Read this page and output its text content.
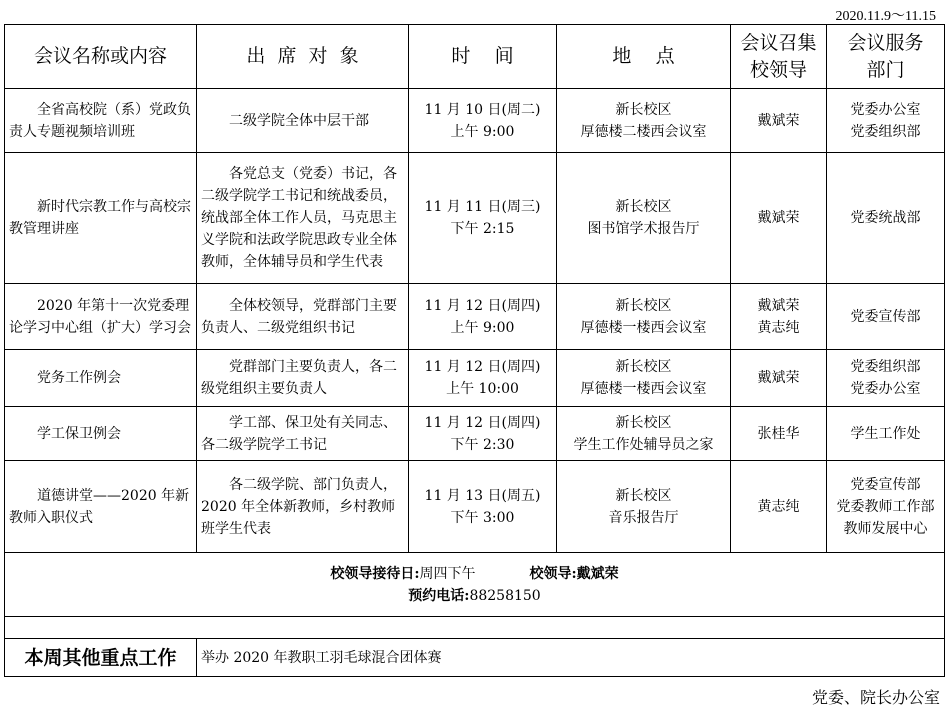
2020.11.9～11.15
会议名称或内容	出  席  对  象	时    间	地    点	会议召集
校领导	会议服务
部门

全省高校院（系）党政负责人专题视频培训班	二级学院全体中层干部	11 月 10 日(周二)
上午 9:00	新长校区
厚德楼二楼西会议室	戴斌荣	党委办公室
党委组织部

新时代宗教工作与高校宗教管理讲座	各党总支（党委）书记，各二级学院学工书记和统战委员，统战部全体工作人员，马克思主义学院和法政学院思政专业全体教师，全体辅导员和学生代表	11 月 11 日(周三)
下午 2:15	新长校区
图书馆学术报告厅	戴斌荣	党委统战部

2020 年第十一次党委理论学习中心组（扩大）学习会	全体校领导，党群部门主要负责人、二级党组织书记	11 月 12 日(周四)
上午 9:00	新长校区
厚德楼一楼西会议室	戴斌荣
黄志纯	党委宣传部

党务工作例会	党群部门主要负责人，各二级党组织主要负责人	11 月 12 日(周四)
上午 10:00	新长校区
厚德楼一楼西会议室	戴斌荣	党委组织部
党委办公室

学工保卫例会	学工部、保卫处有关同志、各二级学院学工书记	11 月 12 日(周四)
下午 2:30	新长校区
学生工作处辅导员之家	张桂华	学生工作处

道德讲堂——2020 年新教师入职仪式	各二级学院、部门负责人，2020 年全体新教师，乡村教师班学生代表	11 月 13 日(周五)
下午 3:00	新长校区
音乐报告厅	黄志纯	党委宣传部
党委教师工作部
教师发展中心

校领导接待日:周四下午 校领导:戴斌荣
预约电话:88258150					

本周其他重点工作	举办 2020 年教职工羽毛球混合团体赛				
党委、院长办公室
